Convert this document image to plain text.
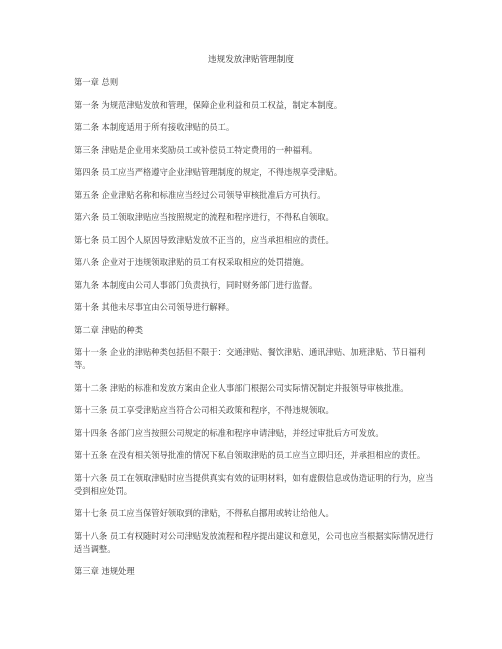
违规发放津贴管理制度

第一章 总则

第一条 为规范津贴发放和管理，保障企业利益和员工权益，制定本制度。

第二条 本制度适用于所有接收津贴的员工。

第三条 津贴是企业用来奖励员工或补偿员工特定费用的一种福利。

第四条 员工应当严格遵守企业津贴管理制度的规定，不得违规享受津贴。

第五条 企业津贴名称和标准应当经过公司领导审核批准后方可执行。

第六条 员工领取津贴应当按照规定的流程和程序进行，不得私自领取。

第七条 员工因个人原因导致津贴发放不正当的，应当承担相应的责任。

第八条 企业对于违规领取津贴的员工有权采取相应的处罚措施。

第九条 本制度由公司人事部门负责执行，同时财务部门进行监督。

第十条 其他未尽事宜由公司领导进行解释。

第二章 津贴的种类

第十一条 企业的津贴种类包括但不限于：交通津贴、餐饮津贴、通讯津贴、加班津贴、节日福利等。

第十二条 津贴的标准和发放方案由企业人事部门根据公司实际情况制定并报领导审核批准。

第十三条 员工享受津贴应当符合公司相关政策和程序，不得违规领取。

第十四条 各部门应当按照公司规定的标准和程序申请津贴，并经过审批后方可发放。

第十五条 在没有相关领导批准的情况下私自领取津贴的员工应当立即归还，并承担相应的责任。

第十六条 员工在领取津贴时应当提供真实有效的证明材料，如有虚假信息或伪造证明的行为，应当受到相应处罚。

第十七条 员工应当保管好领取到的津贴，不得私自挪用或转让给他人。

第十八条 员工有权随时对公司津贴发放流程和程序提出建议和意见，公司也应当根据实际情况进行适当调整。

第三章 违规处理
